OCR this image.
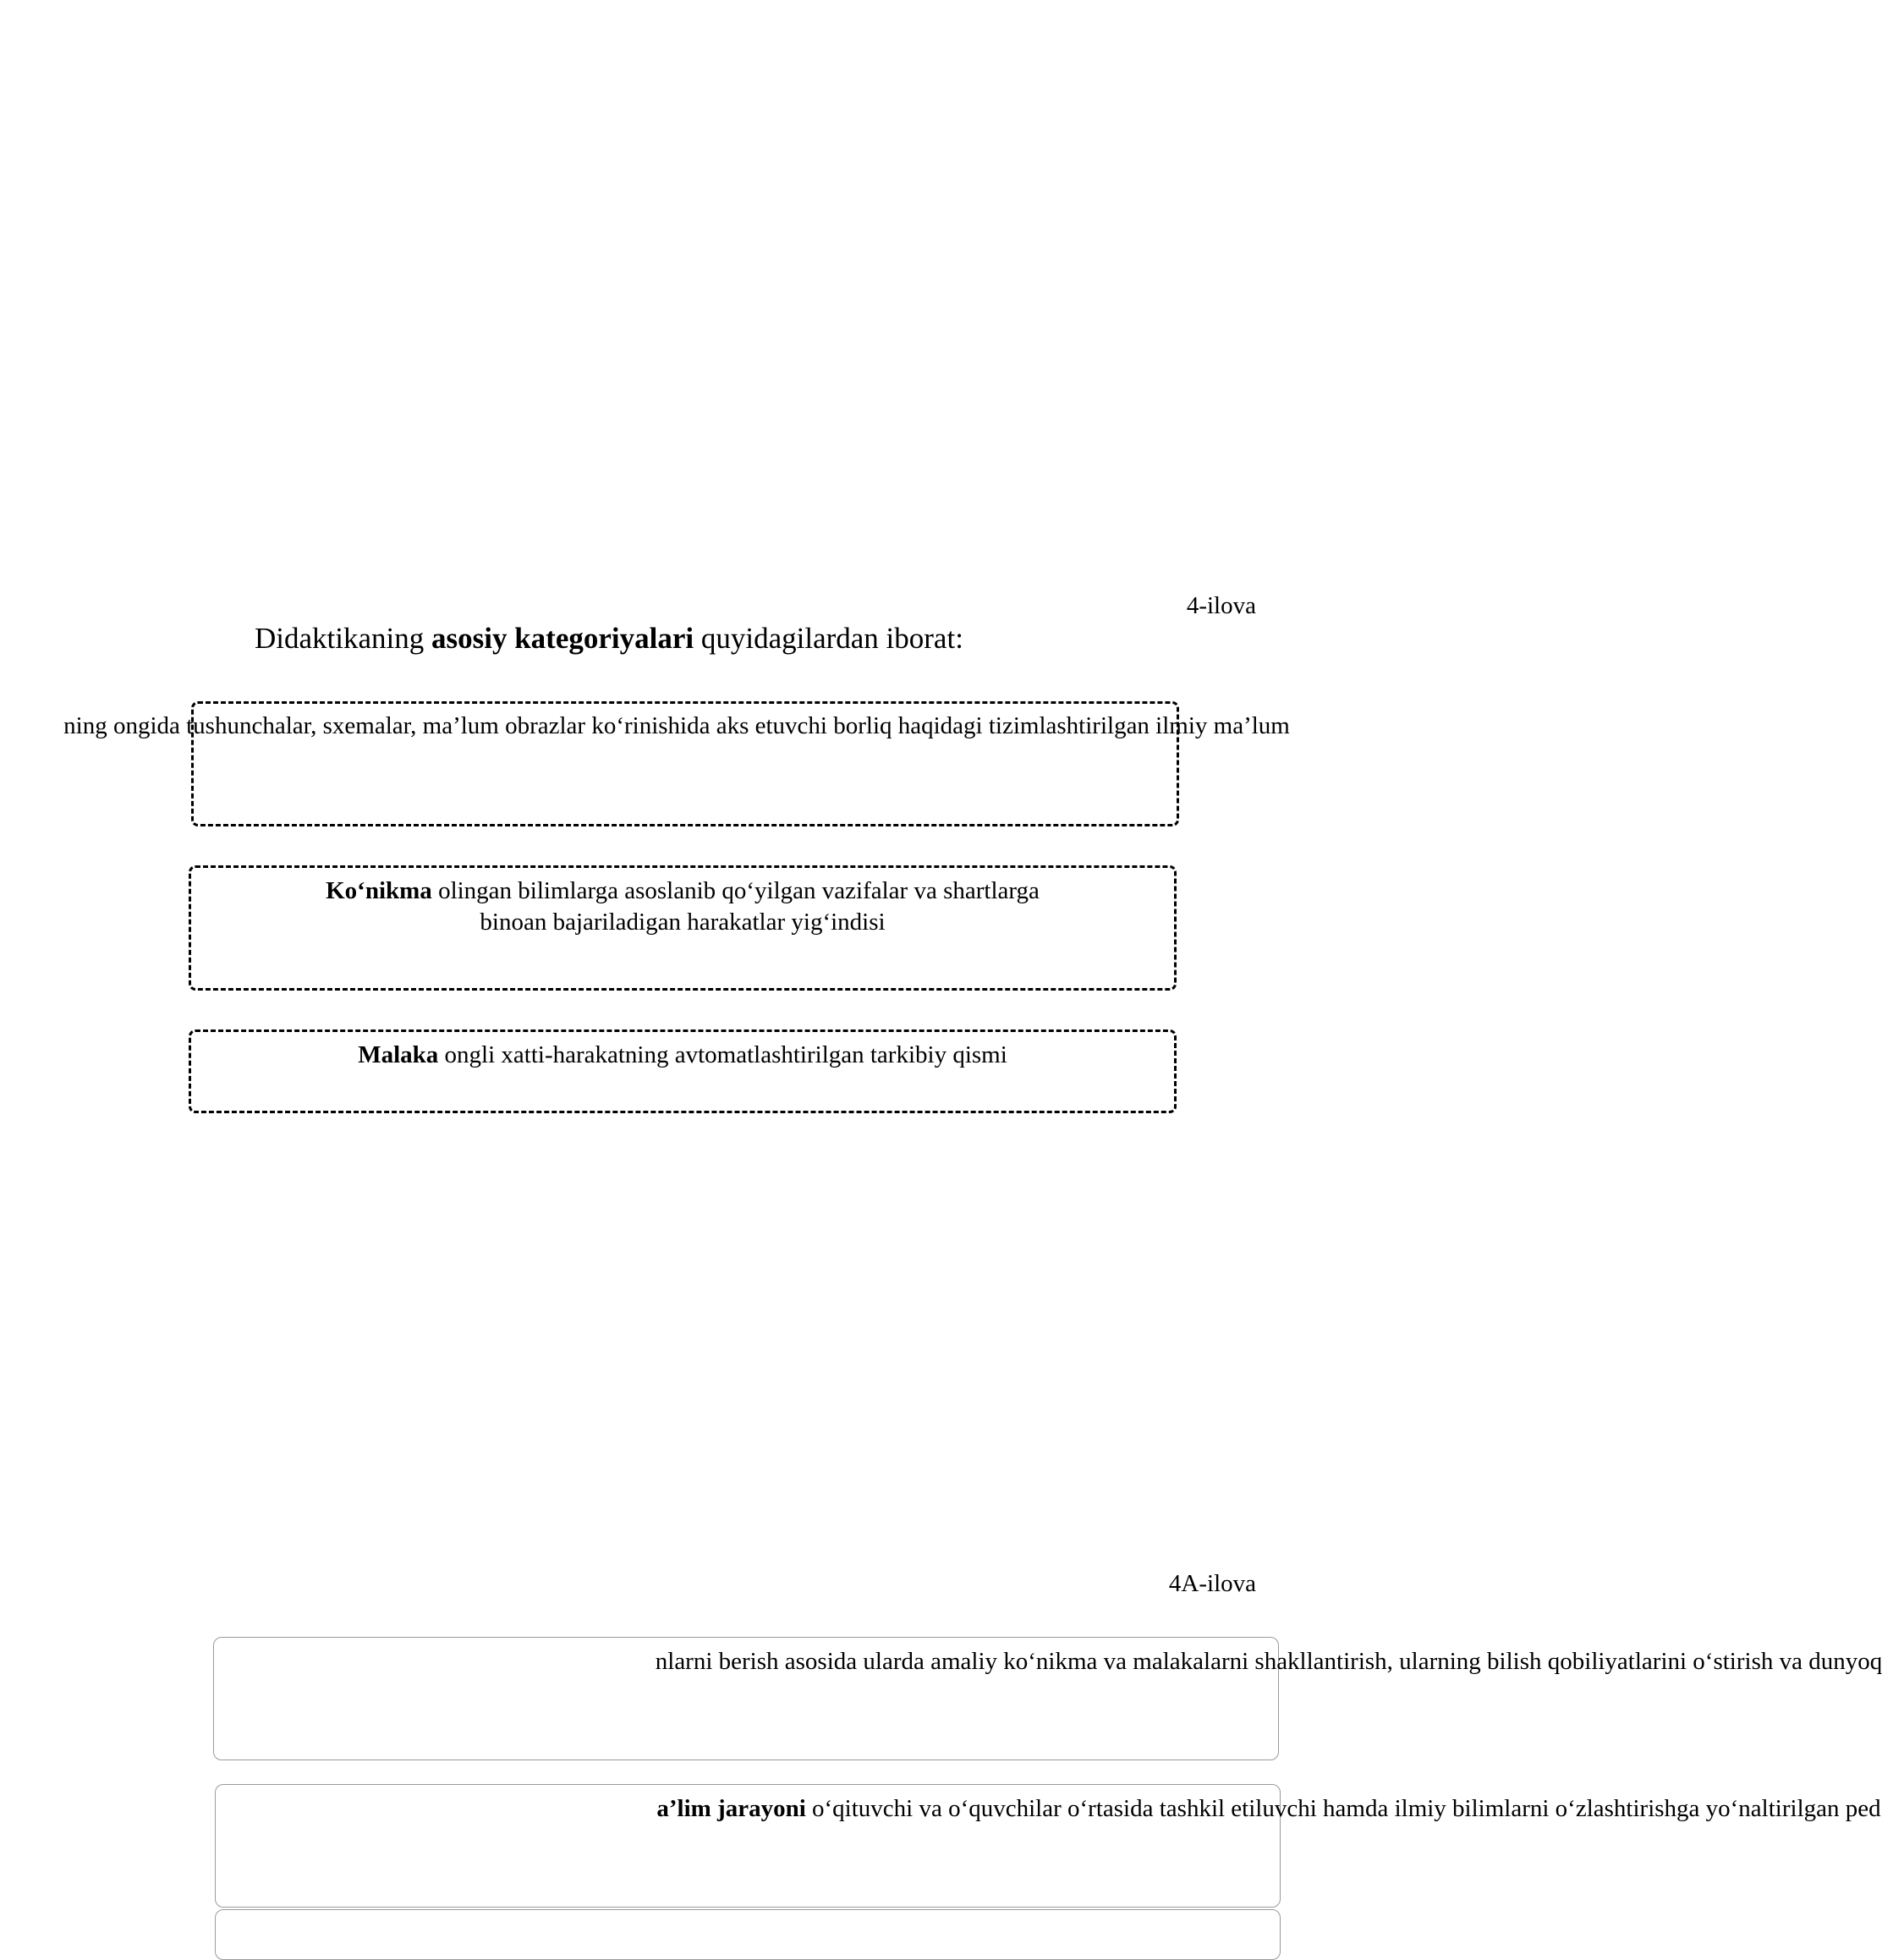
4-ilova
Didaktikaning asosiy kategoriyalari quyidagilardan iborat:
ning ongida tushunchalar, sxemalar, ma’lum obrazlar ko‘rinishida aks etuvchi borliq haqidagi tizimlashtirilgan ilmiy ma’lum
Ko‘nikma olingan bilimlarga asoslanib qo‘yilgan vazifalar va shartlarga
binoan bajariladigan harakatlar yig‘indisi
Malaka ongli xatti-harakatning avtomatlashtirilgan tarkibiy qismi
4A-ilova
nlarni berish asosida ularda amaliy ko‘nikma va malakalarni shakllantirish, ularning bilish qobiliyatlarini o‘stirish va dunyoq
a’lim jarayoni o‘qituvchi va o‘quvchilar o‘rtasida tashkil etiluvchi hamda ilmiy bilimlarni o‘zlashtirishga yo‘naltirilgan ped
